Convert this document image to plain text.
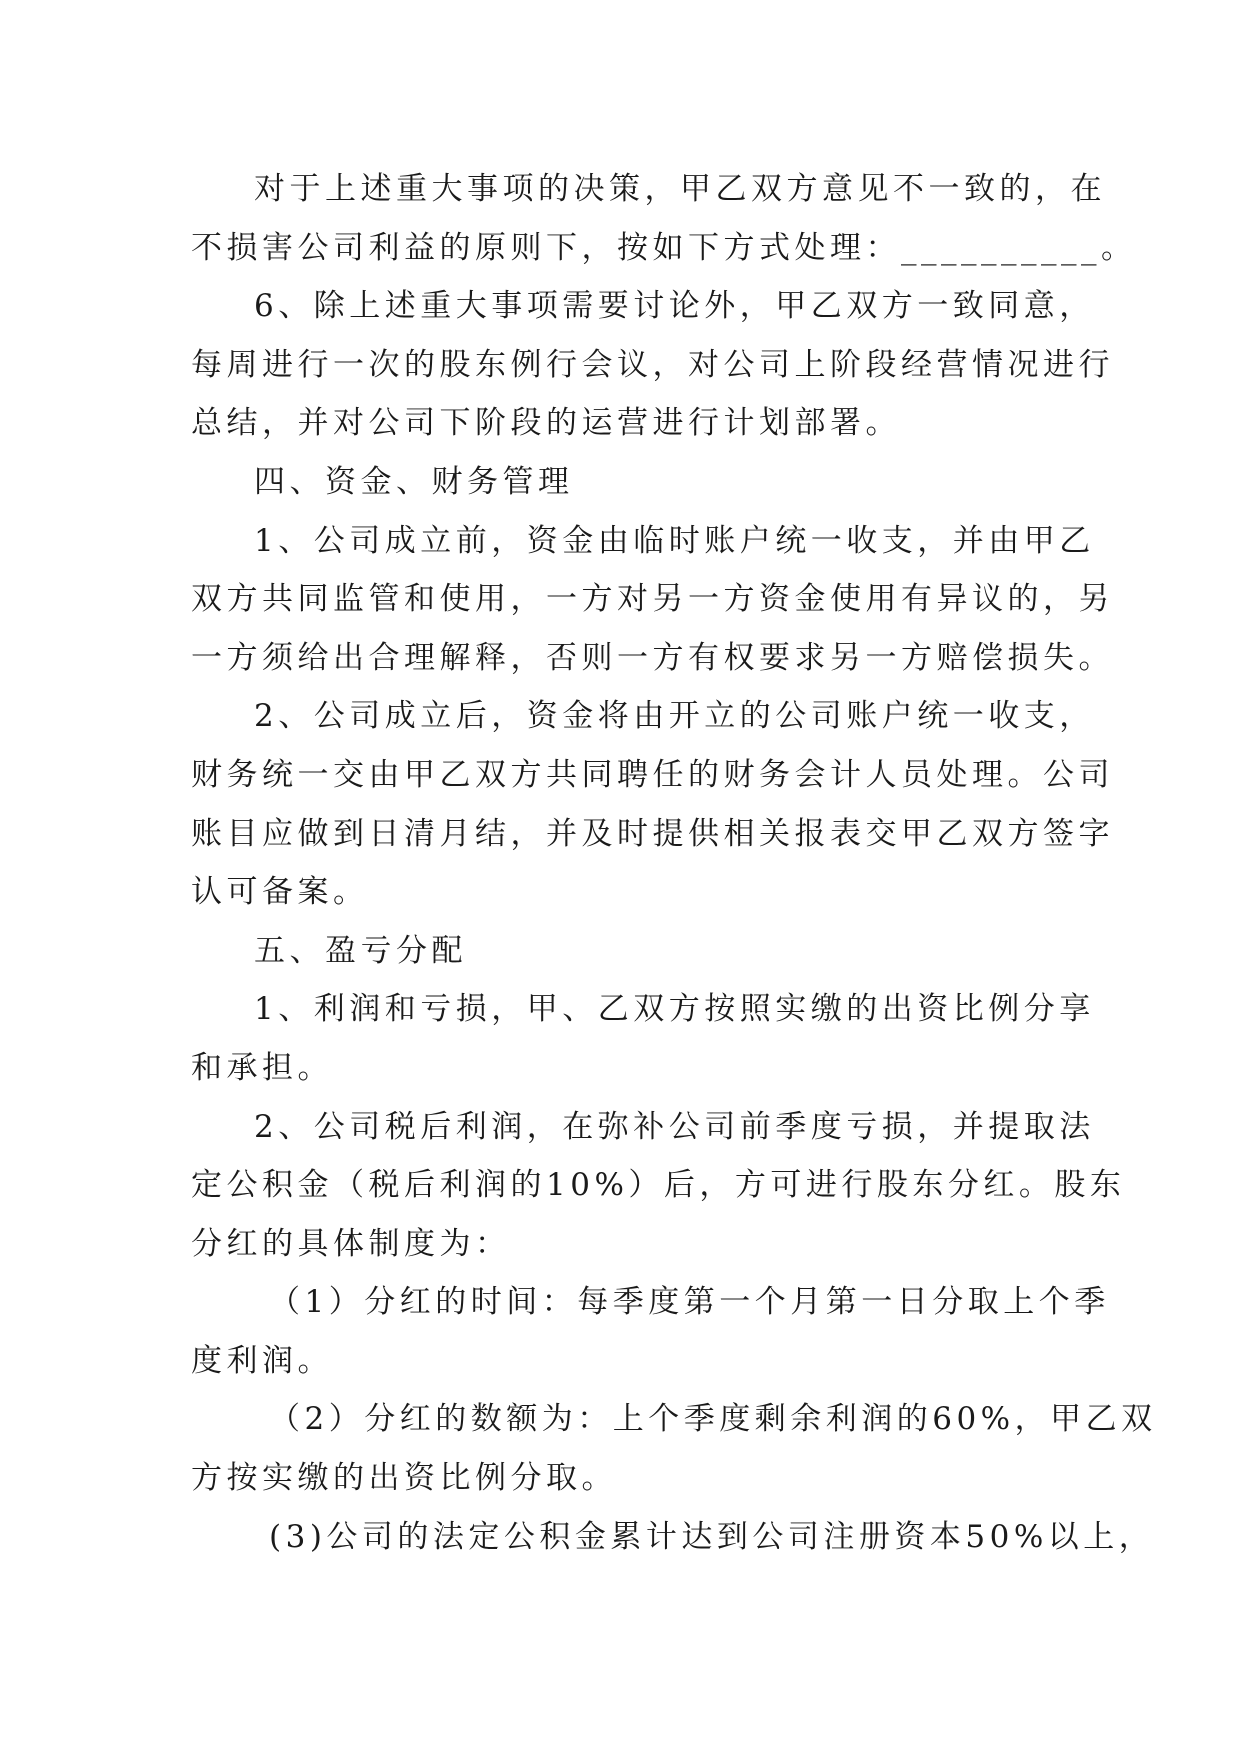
对于上述重大事项的决策，甲乙双方意见不一致的，在
不损害公司利益的原则下，按如下方式处理：__________。
6、除上述重大事项需要讨论外，甲乙双方一致同意，
每周进行一次的股东例行会议，对公司上阶段经营情况进行
总结，并对公司下阶段的运营进行计划部署。
四、资金、财务管理
1、公司成立前，资金由临时账户统一收支，并由甲乙
双方共同监管和使用，一方对另一方资金使用有异议的，另
一方须给出合理解释，否则一方有权要求另一方赔偿损失。
2、公司成立后，资金将由开立的公司账户统一收支，
财务统一交由甲乙双方共同聘任的财务会计人员处理。公司
账目应做到日清月结，并及时提供相关报表交甲乙双方签字
认可备案。
五、盈亏分配
1、利润和亏损，甲、乙双方按照实缴的出资比例分享
和承担。
2、公司税后利润，在弥补公司前季度亏损，并提取法
定公积金（税后利润的10%）后，方可进行股东分红。股东
分红的具体制度为：
（1）分红的时间：每季度第一个月第一日分取上个季
度利润。
（2）分红的数额为：上个季度剩余利润的60%，甲乙双
方按实缴的出资比例分取。
(3)公司的法定公积金累计达到公司注册资本50%以上，
